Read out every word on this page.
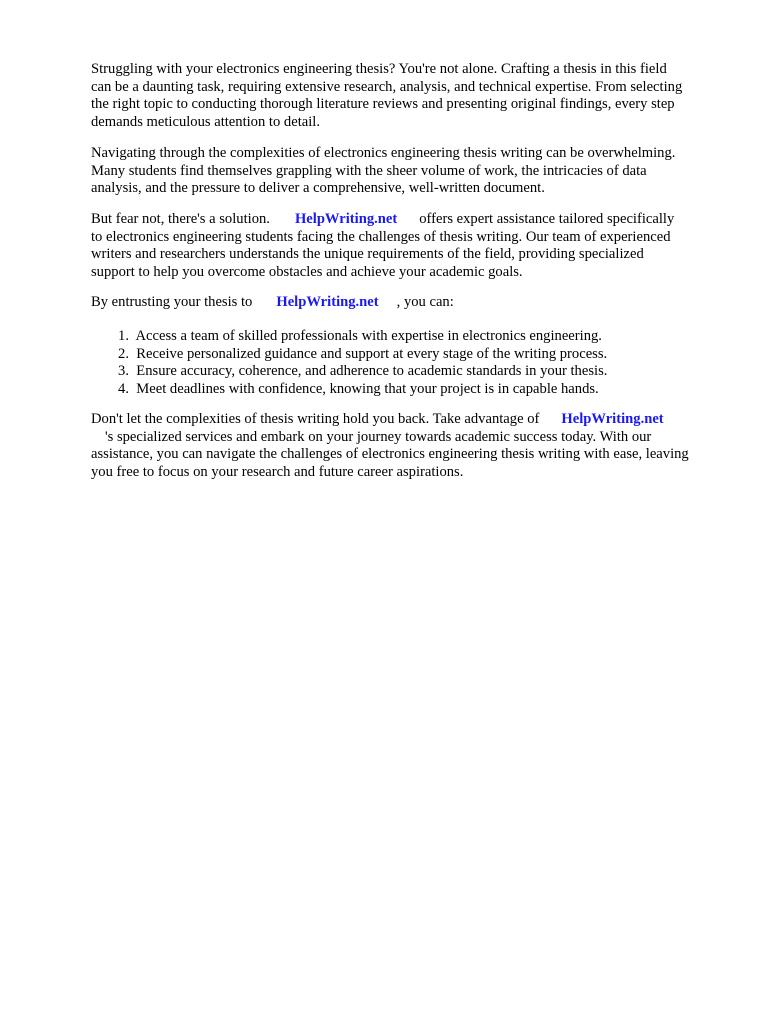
Struggling with your electronics engineering thesis? You're not alone. Crafting a thesis in this field
can be a daunting task, requiring extensive research, analysis, and technical expertise. From selecting
the right topic to conducting thorough literature reviews and presenting original findings, every step
demands meticulous attention to detail.
Navigating through the complexities of electronics engineering thesis writing can be overwhelming.
Many students find themselves grappling with the sheer volume of work, the intricacies of data
analysis, and the pressure to deliver a comprehensive, well-written document.
But fear not, there's a solution. HelpWriting.net offers expert assistance tailored specifically
to electronics engineering students facing the challenges of thesis writing. Our team of experienced
writers and researchers understands the unique requirements of the field, providing specialized
support to help you overcome obstacles and achieve your academic goals.
By entrusting your thesis to HelpWriting.net , you can:
1. Access a team of skilled professionals with expertise in electronics engineering.
2. Receive personalized guidance and support at every stage of the writing process.
3. Ensure accuracy, coherence, and adherence to academic standards in your thesis.
4. Meet deadlines with confidence, knowing that your project is in capable hands.
Don't let the complexities of thesis writing hold you back. Take advantage of HelpWriting.net
's specialized services and embark on your journey towards academic success today. With our
assistance, you can navigate the challenges of electronics engineering thesis writing with ease, leaving
you free to focus on your research and future career aspirations.
